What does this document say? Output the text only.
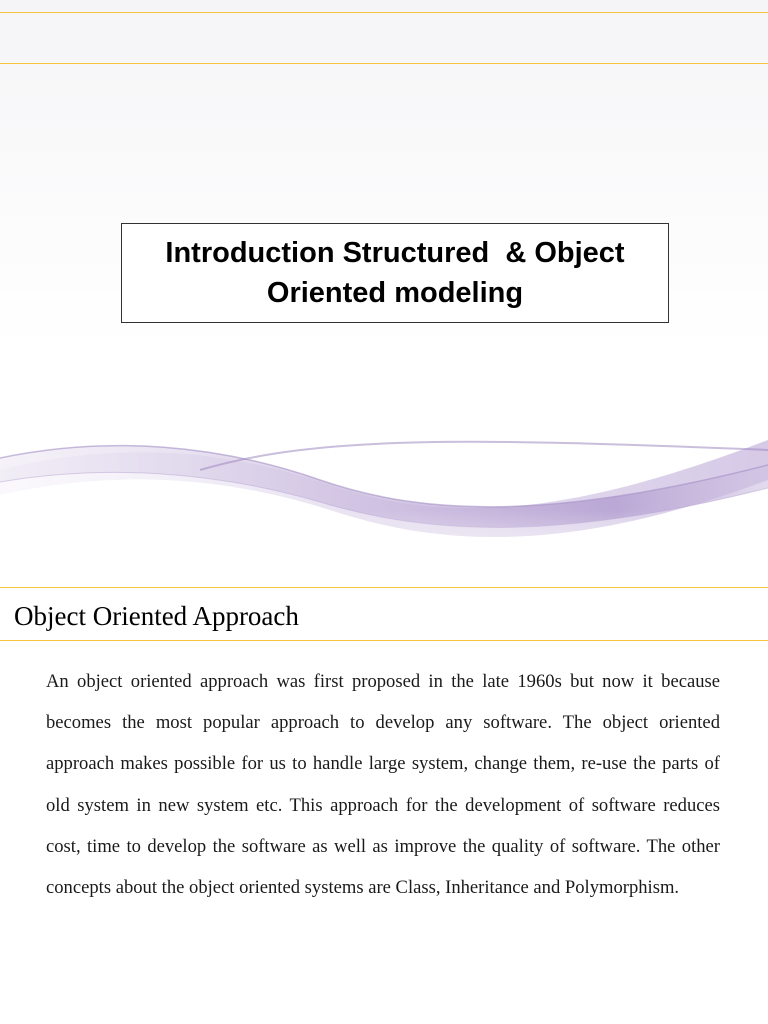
Introduction Structured  & Object
Oriented modeling
Object Oriented Approach

An object oriented approach was first proposed in the late 1960s but now it because becomes the most popular approach to develop any software. The object oriented approach makes possible for us to handle large system, change them, re-use the parts of old system in new system etc. This approach for the development of software reduces cost, time to develop the software as well as improve the quality of software. The other concepts about the object oriented systems are Class, Inheritance and Polymorphism.
